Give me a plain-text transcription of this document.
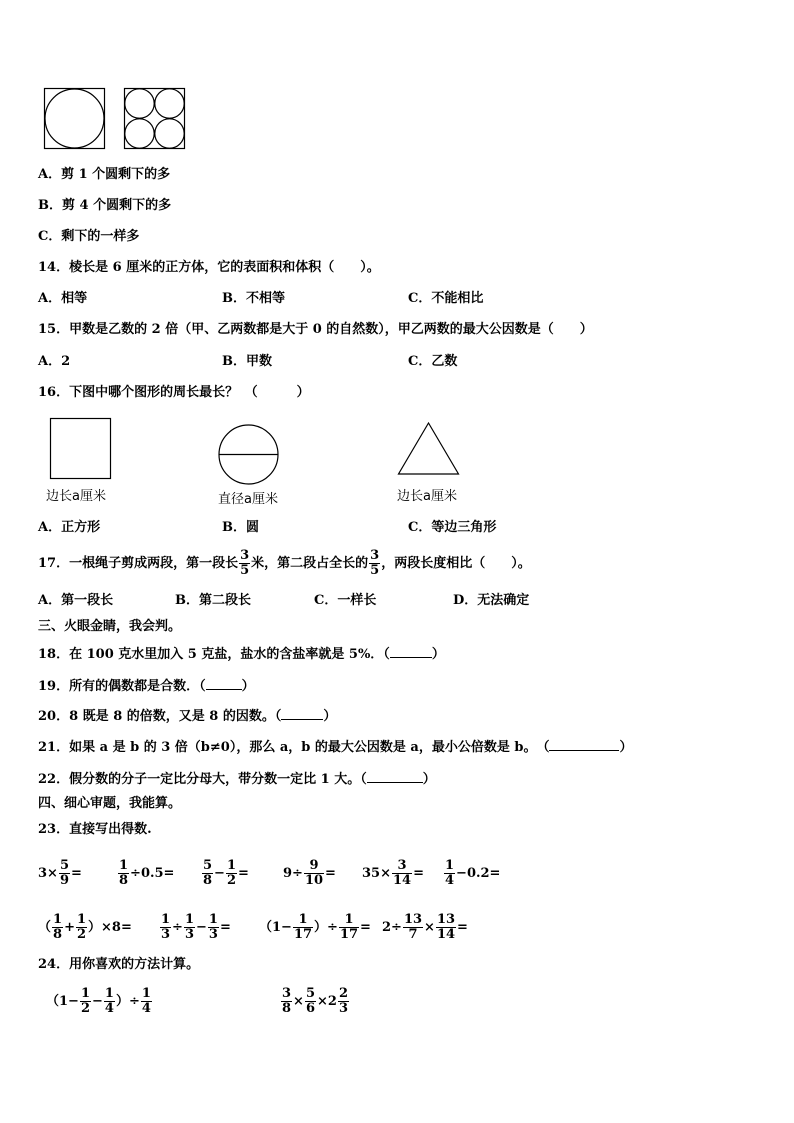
A．剪 1 个圆剩下的多
B．剪 4 个圆剩下的多
C．剩下的一样多
14．棱长是 6 厘米的正方体，它的表面积和体积（　　）。
A．相等	B．不相等	C．不能相比
15．甲数是乙数的 2 倍（甲、乙两数都是大于 0 的自然数），甲乙两数的最大公因数是（　　）
A．2	B．甲数	C．乙数
16．下图中哪个图形的周长最长？　（　　　）
边长a厘米	直径a厘米	边长a厘米
A．正方形	B．圆	C．等边三角形
17．一根绳子剪成两段，第一段长 $\frac{3}{5}$ 米，第二段占全长的 $\frac{3}{5}$ ，两段长度相比（　　）。
A．第一段长	B．第二段长	C．一样长	D．无法确定
三、火眼金睛，我会判。
18．在 100 克水里加入 5 克盐，盐水的含盐率就是 5%．（	）
19．所有的偶数都是合数．（	）
20．8 既是 8 的倍数，又是 8 的因数。（	）
21．如果 a 是 b 的 3 倍（b≠0），那么 a，b 的最大公因数是 a，最小公倍数是 b。　（	）
22．假分数的分子一定比分母大，带分数一定比 1 大。（	）
四、细心审题，我能算。
23．直接写出得数.
$3\times \frac{5}{9}$ =	$\frac{1}{8} \div 0.5= \frac{5}{8} - \frac{1}{2}$ =	$9\div \frac{9}{10} = 35\times \frac{3}{14} = \frac{1}{4} -0.2=$
（ $\frac{1}{8} + \frac{1}{2} )\times 8= \frac{1}{3} \div \frac{1}{3} - \frac{1}{3} = (1- \frac{1}{17}$ ）÷ $\frac{1}{17} = 2\div \frac{13}{7} \times \frac{13}{14}$ =
24．用你喜欢的方法计算。
（$1- \frac{1}{2} - \frac{1}{4}$ ）÷ $\frac{1}{4}$	$\frac{3}{8} \times \frac{5}{6} \times 2 \frac{2}{3}$
